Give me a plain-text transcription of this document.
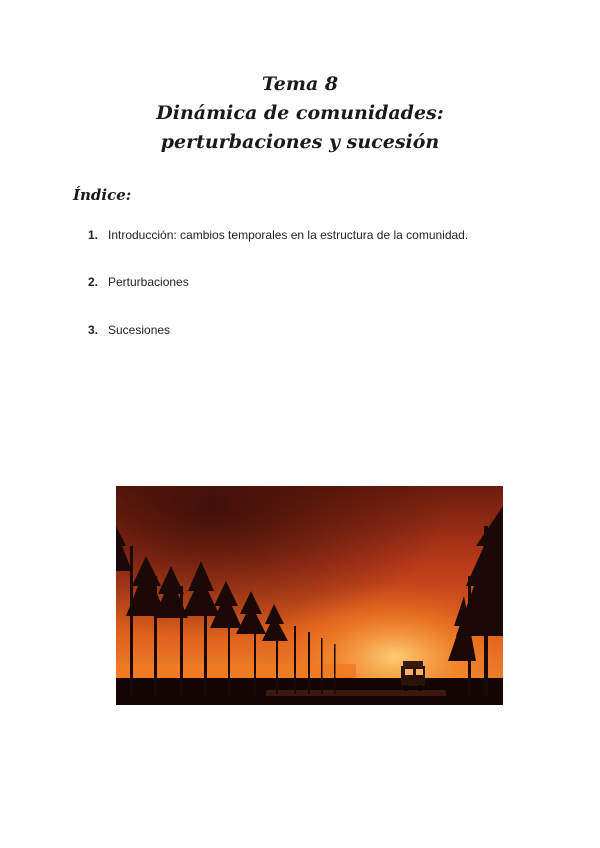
Tema 8
Dinámica de comunidades:
perturbaciones y sucesión
Índice:
1. Introducción: cambios temporales en la estructura de la comunidad.
2. Perturbaciones
3. Sucesiones
